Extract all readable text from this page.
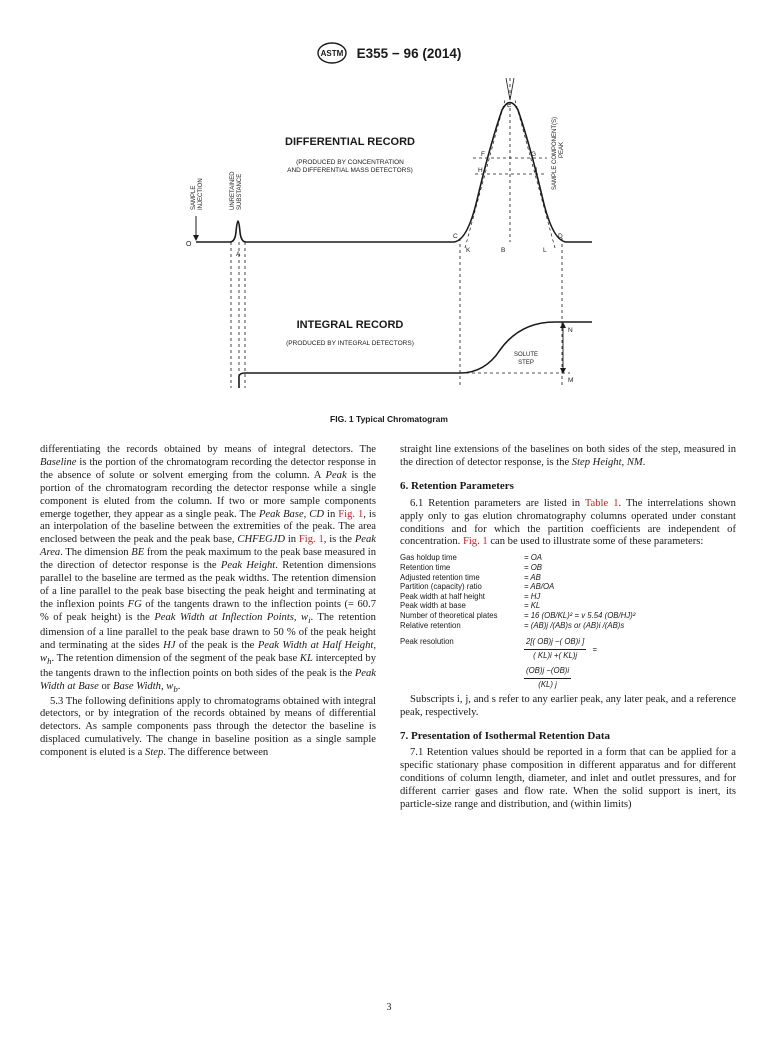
ASTM E355 − 96 (2014)
DIFFERENTIAL RECORD
(PRODUCED BY CONCENTRATION
AND DIFFERENTIAL MASS DETECTORS)
SAMPLE INJECTION	UNRETAINED SUBSTANCE
SAMPLE COMPONENT(S) PEAK
O
A
C	D
K	B	L
E
F	G
H	J
INTEGRAL RECORD
(PRODUCED BY INTEGRAL DETECTORS)
N
M
SOLUTE
STEP
FIG. 1 Typical Chromatogram

differentiating the records obtained by means of integral detectors. The Baseline is the portion of the chromatogram recording the detector response in the absence of solute or solvent emerging from the column. A Peak is the portion of the chromatogram recording the detector response while a single component is eluted from the column. If two or more sample components emerge together, they appear as a single peak. The Peak Base, CD in Fig. 1, is an interpolation of the baseline between the extremities of the peak. The area enclosed between the peak and the peak base, CHFEGJD in Fig. 1, is the Peak Area. The dimension BE from the peak maximum to the peak base measured in the direction of detector response is the Peak Height. Retention dimensions parallel to the baseline are termed as the peak widths. The retention dimension of a line parallel to the peak base bisecting the peak height and terminating at the inflexion points FG of the tangents drawn to the inflection points (= 60.7 % of peak height) is the Peak Width at Inflection Points, $w_i$. The retention dimension of a line parallel to the peak base drawn to 50 % of the peak height and terminating at the sides HJ of the peak is the Peak Width at Half Height, $w_h$. The retention dimension of the segment of the peak base KL intercepted by the tangents drawn to the inflection points on both sides of the peak is the Peak Width at Base or Base Width, $w_b$.

5.3 The following definitions apply to chromatograms obtained with integral detectors, or by integration of the records obtained by means of differential detectors. As sample components pass through the detector the baseline is displaced cumulatively. The change in baseline position as a single sample component is eluted is a Step. The difference between

straight line extensions of the baselines on both sides of the step, measured in the direction of detector response, is the Step Height, NM.

6. Retention Parameters

6.1 Retention parameters are listed in Table 1. The interrelations shown apply only to gas elution chromatography columns operated under constant conditions and for which the partition coefficients are independent of concentration. Fig. 1 can be used to illustrate some of these parameters:

Gas holdup time	= OA
Retention time	= OB
Adjusted retention time	= AB
Partition (capacity) ratio	= AB/OA
Peak width at half height	= HJ
Peak width at base	= KL
Number of theoretical plates	= 16 (OB/KL)² = v 5.54 (OB/HJ)²
Relative retention	= (AB)j /(AB)s or (AB)i /(AB)s
Peak resolution	$\frac{2[( OB)j -( OB)i ]}{( KL)i +( KL)j}$ =
$\frac{(OB)j -(OB)i}{(KL) j}$

Subscripts i, j, and s refer to any earlier peak, any later peak, and a reference peak, respectively.

7. Presentation of Isothermal Retention Data

7.1 Retention values should be reported in a form that can be applied for a specific stationary phase composition in different apparatus and for different conditions of column length, diameter, and inlet and outlet pressures, and for different carrier gases and flow rate. When the solid support is inert, its particle-size range and distribution, and (within limits)

3
